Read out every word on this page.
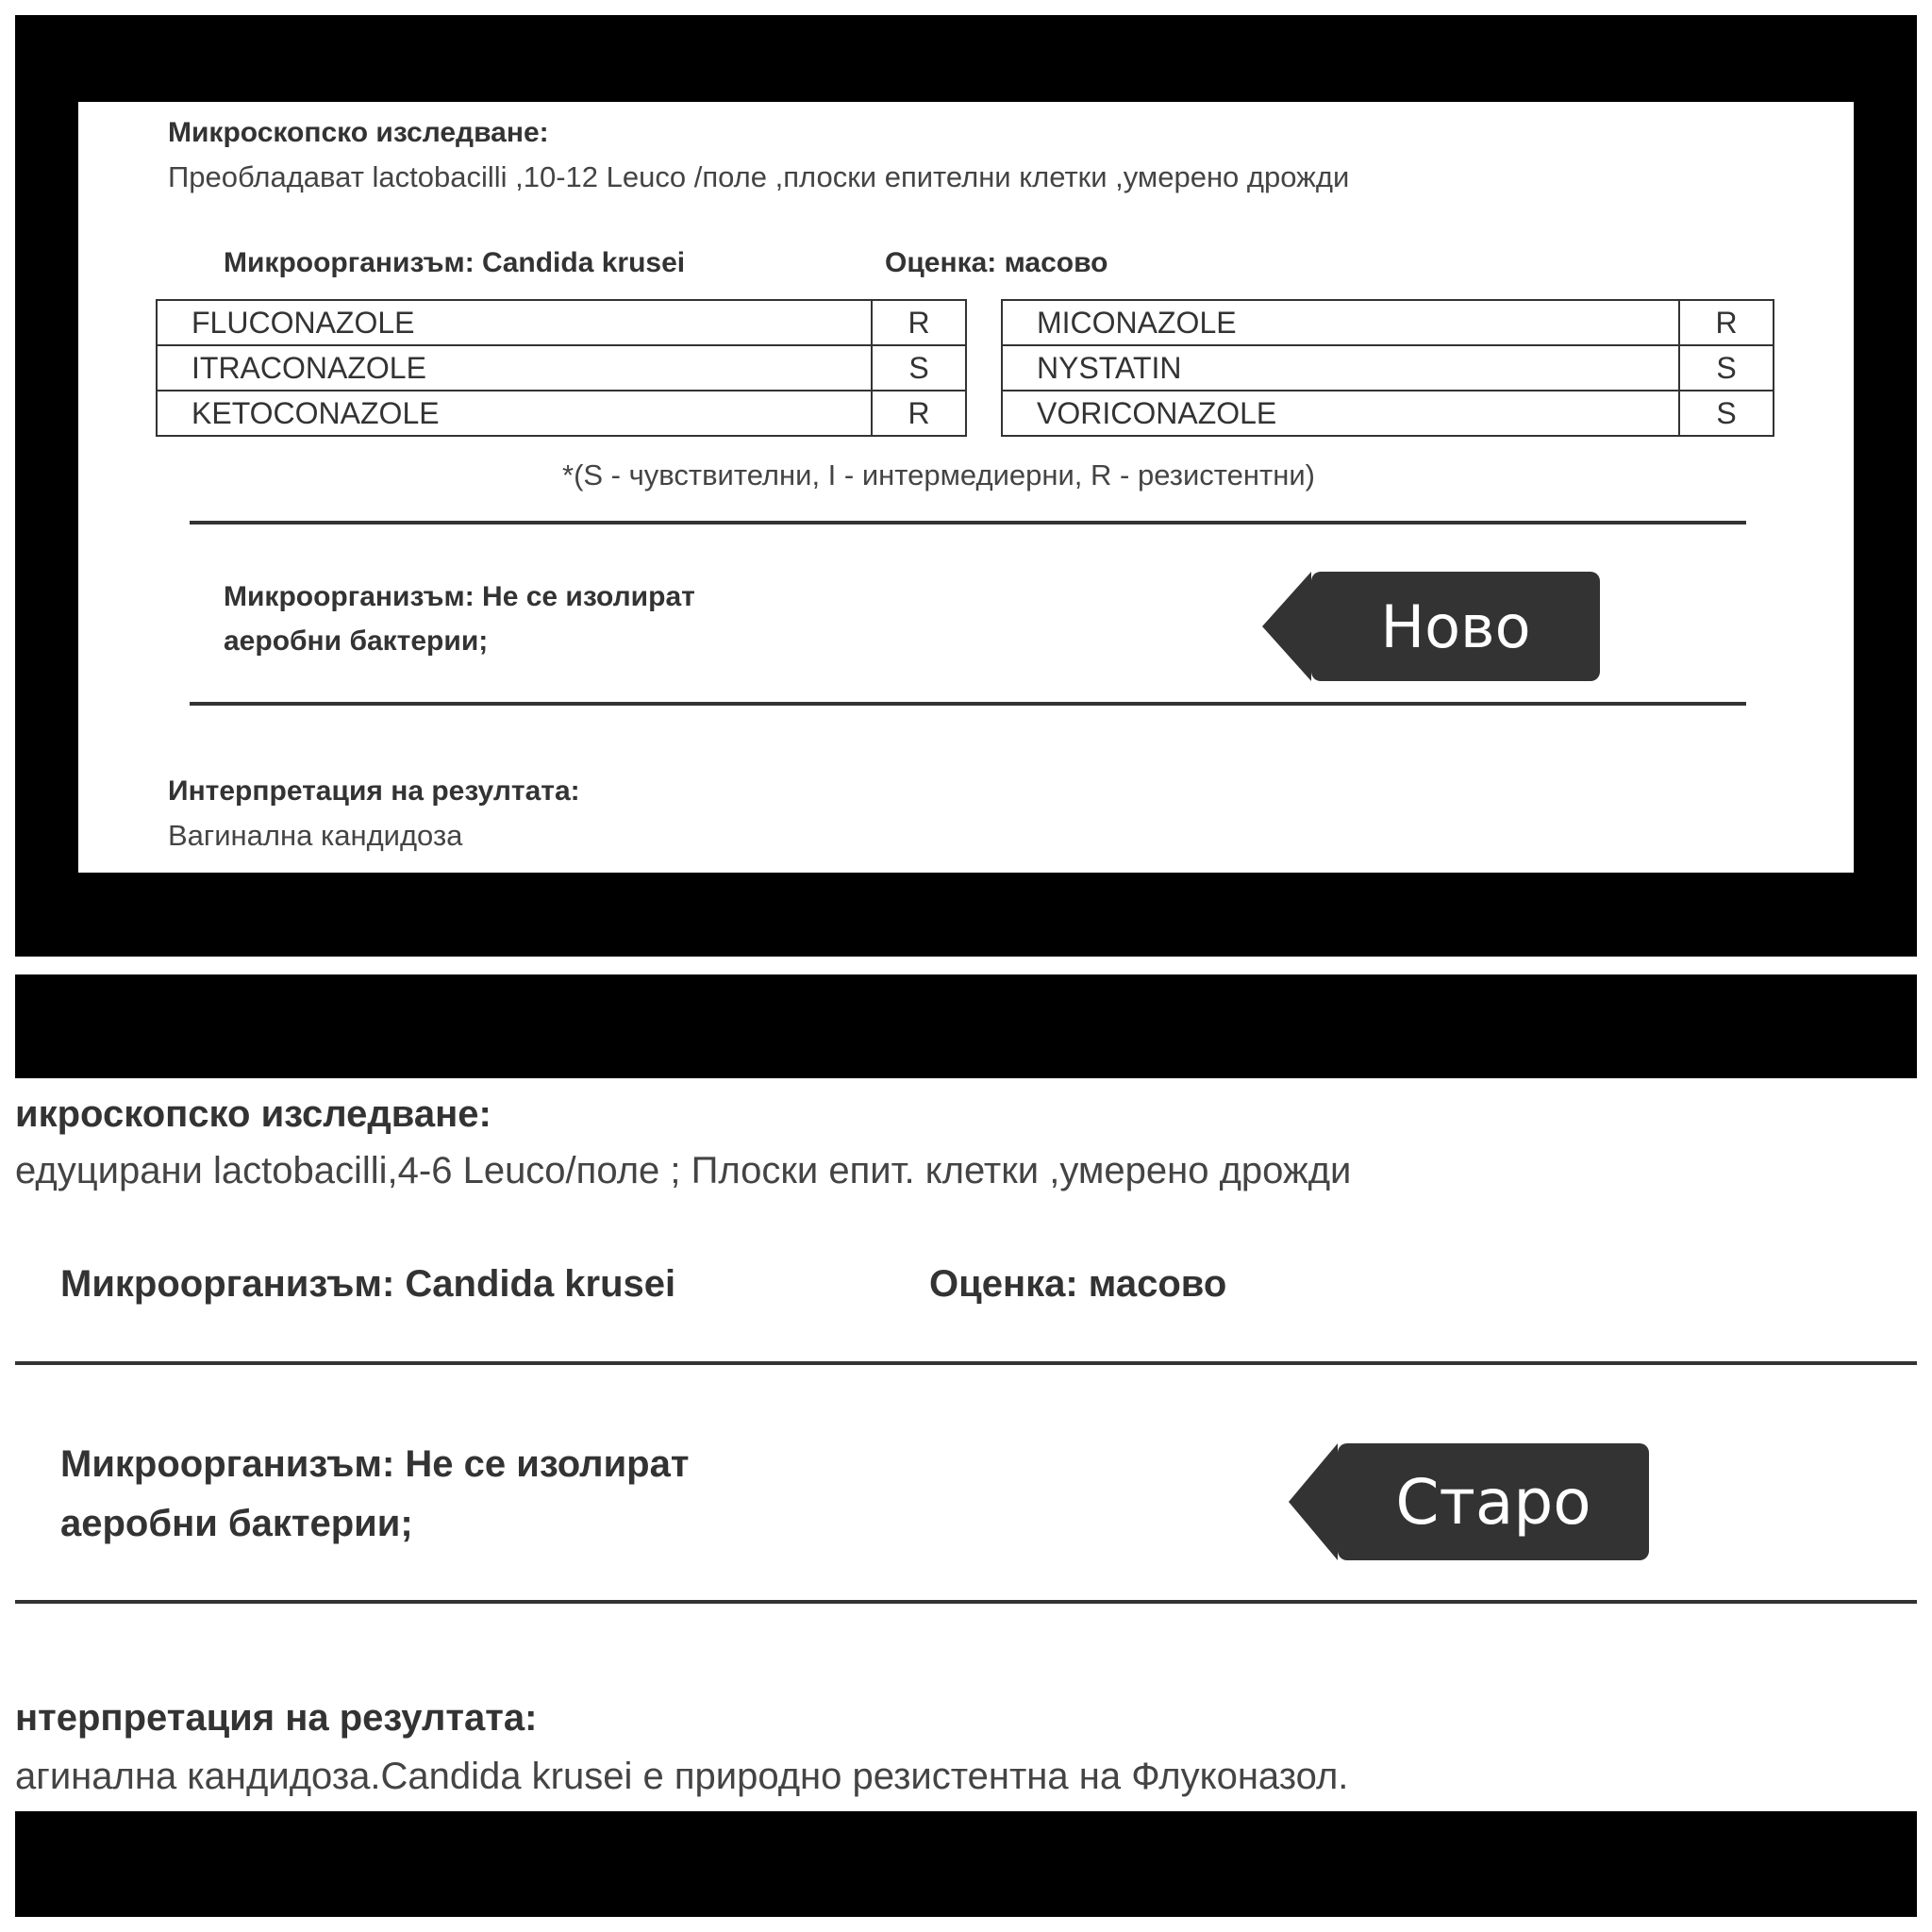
Микроскопско изследване:
Преобладават lactobacilli ,10-12 Leuco /поле ,плоски епителни клетки ,умерено дрожди
Микроорганизъм: Candida krusei	Оценка: масово
FLUCONAZOLE	R
ITRACONAZOLE	S
KETOCONAZOLE	R
MICONAZOLE	R
NYSTATIN	S
VORICONAZOLE	S
*(S - чувствителни, I - интермедиерни, R - резистентни)
Микроорганизъм: Не се изолират
аеробни бактерии;
Интерпретация на резултата:
Вагинална кандидоза
Ново
икроскопско изследване:
едуцирани lactobacilli,4-6 Leuco/поле ; Плоски епит. клетки ,умерено дрожди
Микроорганизъм: Candida krusei	Оценка: масово
Микроорганизъм: Не се изолират
аеробни бактерии;
нтерпретация на резултата:
агинална кандидоза.Candida krusei е природно резистентна на Флуконазол.
Старо
